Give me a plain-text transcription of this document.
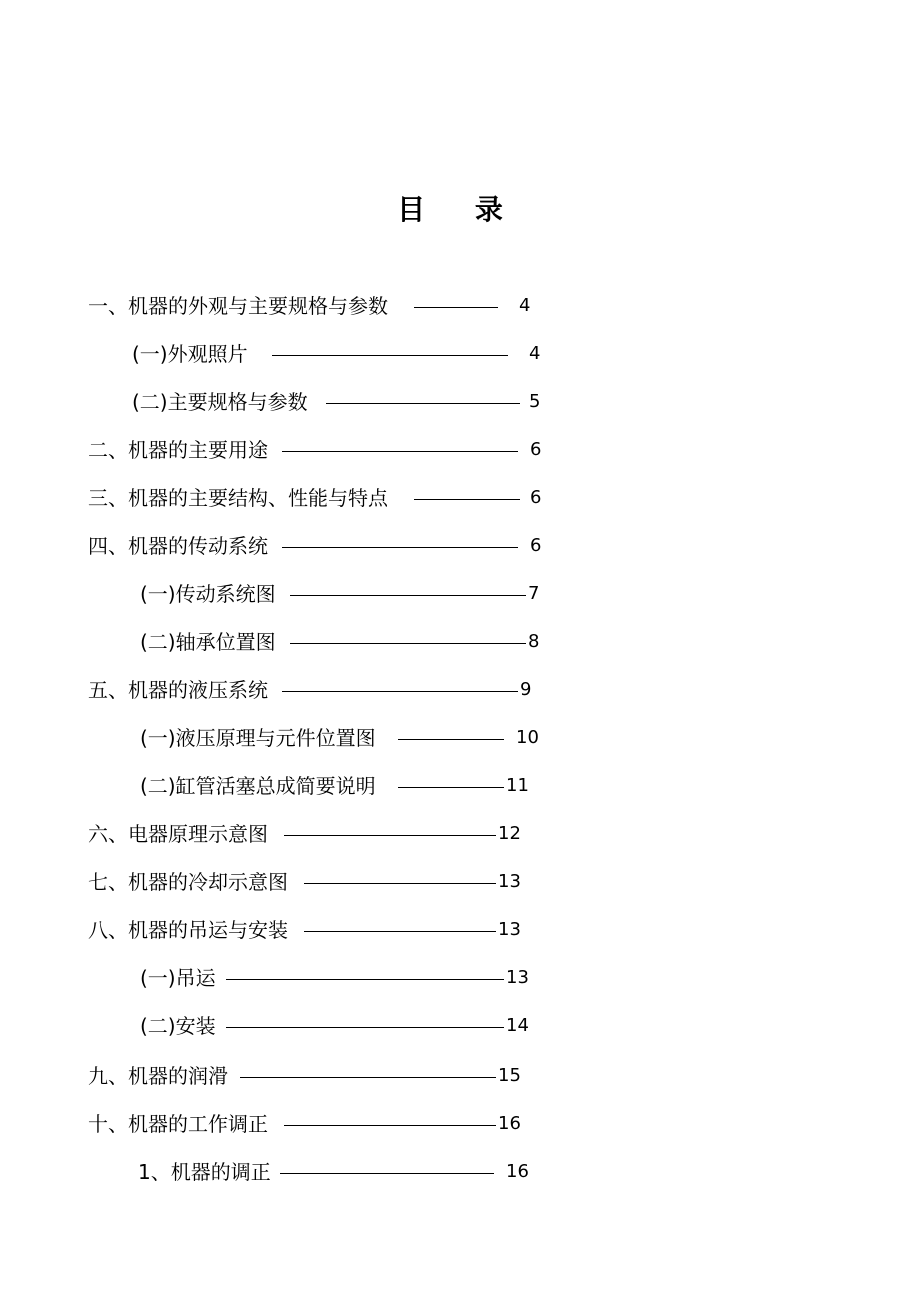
目 录
一、机器的外观与主要规格与参数	4
(一)外观照片	4
(二)主要规格与参数	5
二、机器的主要用途	6
三、机器的主要结构、性能与特点	6
四、机器的传动系统	6
(一)传动系统图	7
(二)轴承位置图	8
五、机器的液压系统	9
(一)液压原理与元件位置图	10
(二)缸管活塞总成简要说明	11
六、电器原理示意图	12
七、机器的冷却示意图	13
八、机器的吊运与安装	13
(一)吊运	13
(二)安装	14
九、机器的润滑	15
十、机器的工作调正	16
1、机器的调正	16
